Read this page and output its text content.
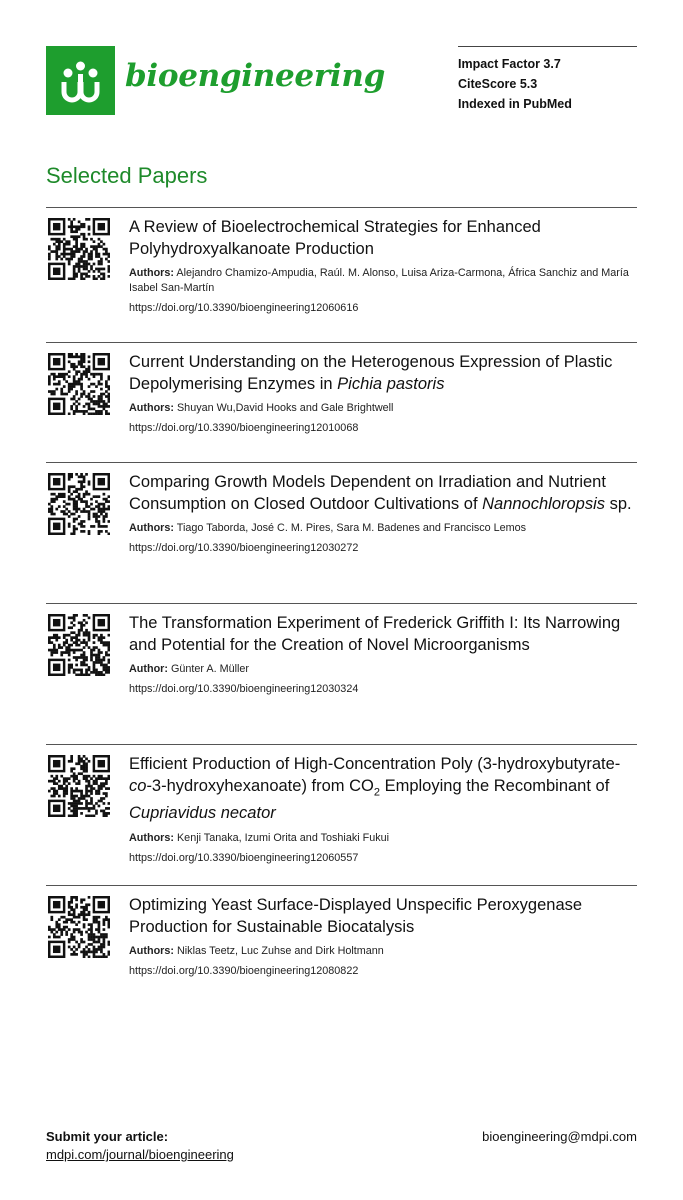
bioengineering	Impact Factor 3.7
CiteScore 5.3
Indexed in PubMed
Selected Papers
A Review of Bioelectrochemical Strategies for Enhanced Polyhydroxyalkanoate Production
Authors: Alejandro Chamizo-Ampudia, Raúl. M. Alonso, Luisa Ariza-Carmona, África Sanchiz and María Isabel San-Martín
https://doi.org/10.3390/bioengineering12060616
Current Understanding on the Heterogenous Expression of Plastic Depolymerising Enzymes in Pichia pastoris
Authors: Shuyan Wu,David Hooks and Gale Brightwell
https://doi.org/10.3390/bioengineering12010068
Comparing Growth Models Dependent on Irradiation and Nutrient Consumption on Closed Outdoor Cultivations of Nannochloropsis sp.
Authors: Tiago Taborda, José C. M. Pires, Sara M. Badenes and Francisco Lemos
https://doi.org/10.3390/bioengineering12030272
The Transformation Experiment of Frederick Griffith I: Its Narrowing and Potential for the Creation of Novel Microorganisms
Author: Günter A. Müller
https://doi.org/10.3390/bioengineering12030324
Efficient Production of High-Concentration Poly (3-hydroxybutyrate-co-3-hydroxyhexanoate) from $CO_2$ Employing the Recombinant of Cupriavidus necator
Authors: Kenji Tanaka, Izumi Orita and Toshiaki Fukui
https://doi.org/10.3390/bioengineering12060557
Optimizing Yeast Surface-Displayed Unspecific Peroxygenase Production for Sustainable Biocatalysis
Authors: Niklas Teetz, Luc Zuhse and Dirk Holtmann
https://doi.org/10.3390/bioengineering12080822
Submit your article:
mdpi.com/journal/bioengineering
bioengineering@mdpi.com
